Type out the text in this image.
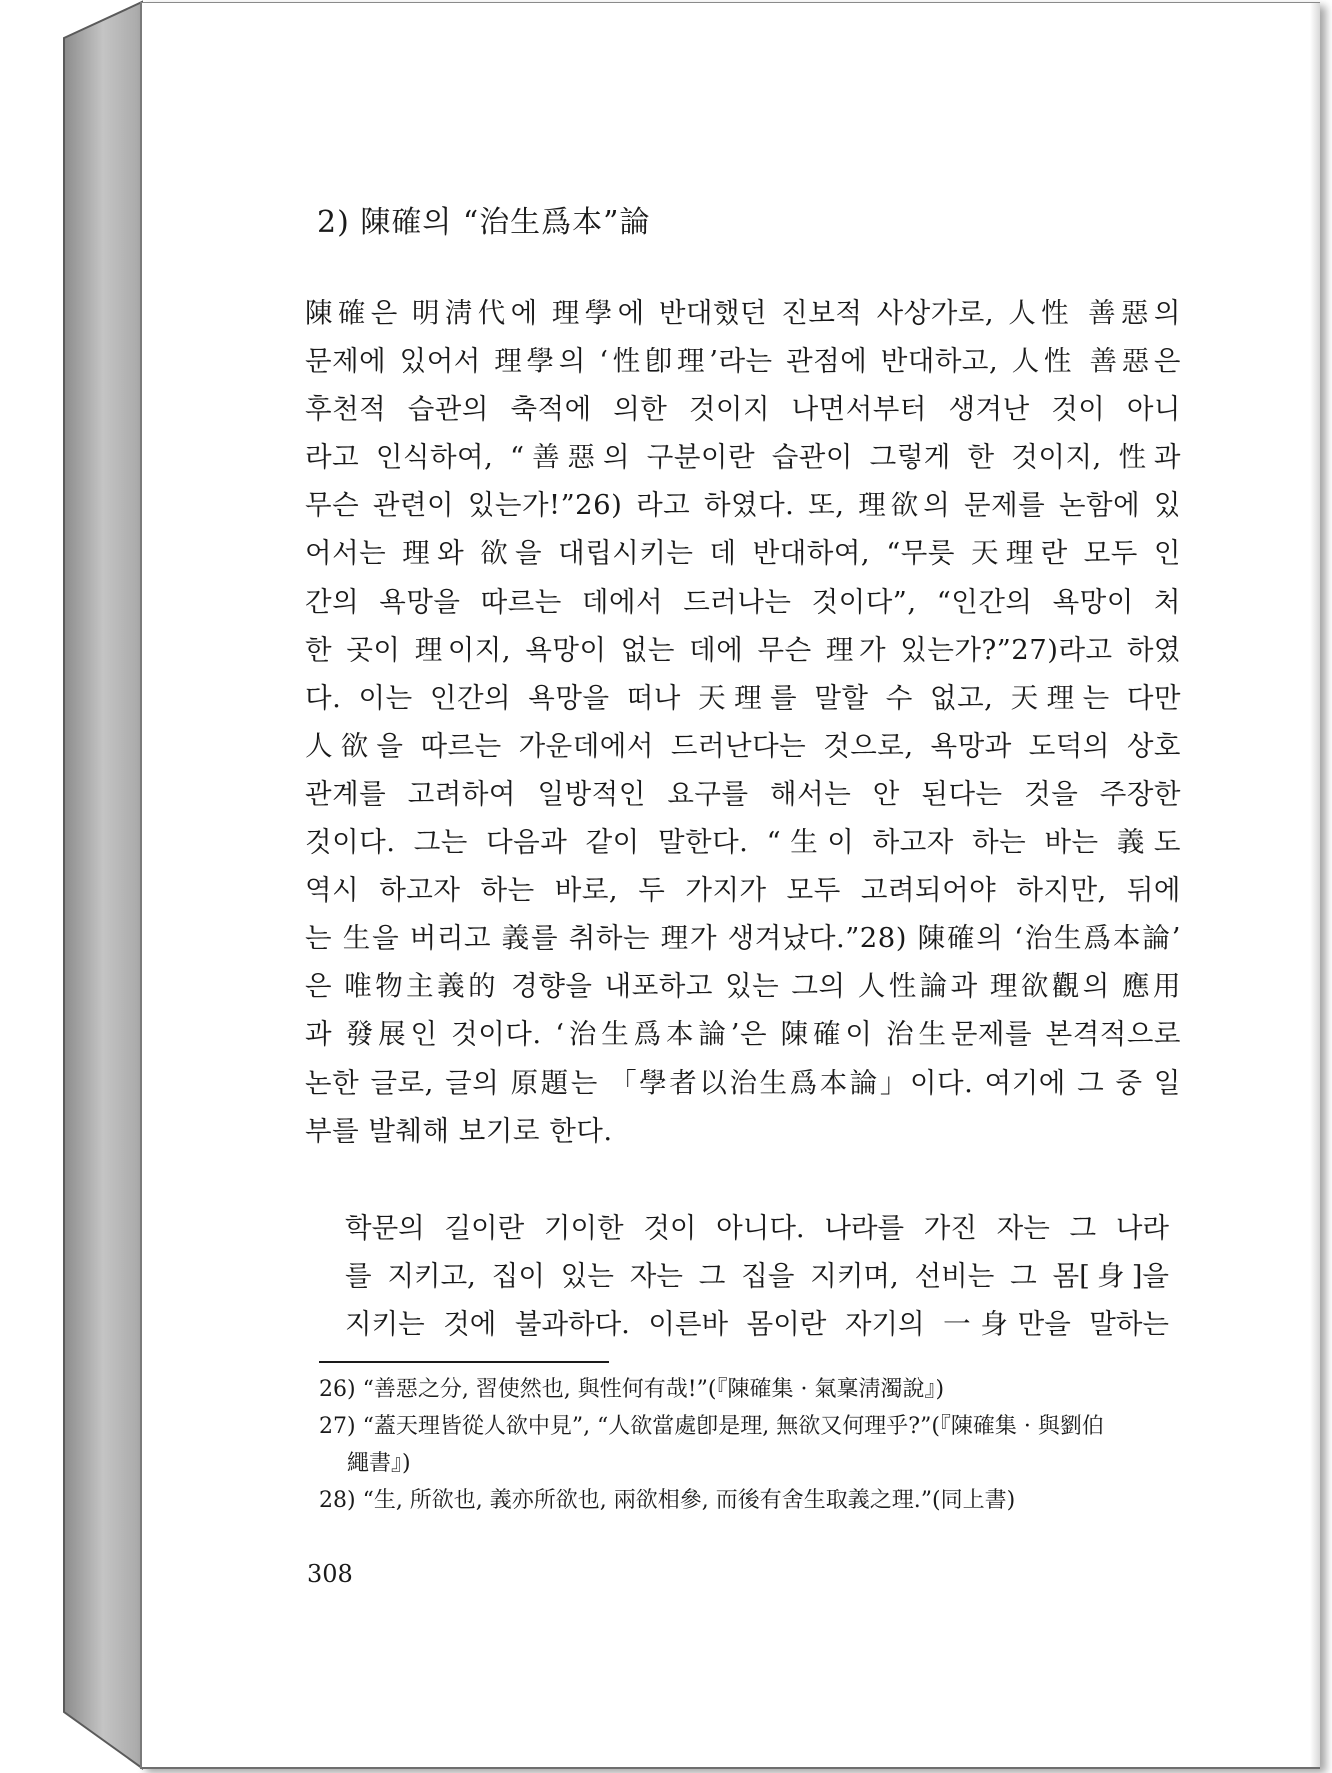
2) 陳確의 “治生爲本”論
陳確은 明淸代에 理學에 반대했던 진보적 사상가로, 人性 善惡의
문제에 있어서 理學의 ‘性卽理’라는 관점에 반대하고, 人性 善惡은
후천적 습관의 축적에 의한 것이지 나면서부터 생겨난 것이 아니
라고 인식하여, “善惡의 구분이란 습관이 그렇게 한 것이지, 性과
무슨 관련이 있는가!”26) 라고 하였다. 또, 理欲의 문제를 논함에 있
어서는 理와 欲을 대립시키는 데 반대하여, “무릇 天理란 모두 인
간의 욕망을 따르는 데에서 드러나는 것이다”, “인간의 욕망이 처
한 곳이 理이지, 욕망이 없는 데에 무슨 理가 있는가?”27)라고 하였
다. 이는 인간의 욕망을 떠나 天理를 말할 수 없고, 天理는 다만
人欲을 따르는 가운데에서 드러난다는 것으로, 욕망과 도덕의 상호
관계를 고려하여 일방적인 요구를 해서는 안 된다는 것을 주장한
것이다. 그는 다음과 같이 말한다. “生이 하고자 하는 바는 義도
역시 하고자 하는 바로, 두 가지가 모두 고려되어야 하지만, 뒤에
는 生을 버리고 義를 취하는 理가 생겨났다.”28) 陳確의 ‘治生爲本論’
은 唯物主義的 경향을 내포하고 있는 그의 人性論과 理欲觀의 應用
과 發展인 것이다. ‘治生爲本論’은 陳確이 治生문제를 본격적으로
논한 글로, 글의 原題는 「學者以治生爲本論」이다. 여기에 그 중 일
부를 발췌해 보기로 한다.
학문의 길이란 기이한 것이 아니다. 나라를 가진 자는 그 나라
를 지키고, 집이 있는 자는 그 집을 지키며, 선비는 그 몸[身]을
지키는 것에 불과하다. 이른바 몸이란 자기의 一身만을 말하는
26) “善惡之分, 習使然也, 與性何有哉!”(『陳確集 · 氣稟淸濁說』)
27) “蓋天理皆從人欲中見”, “人欲當處卽是理, 無欲又何理乎?”(『陳確集 · 與劉伯
繩書』)
28) “生, 所欲也, 義亦所欲也, 兩欲相參, 而後有舍生取義之理.”(同上書)
308
